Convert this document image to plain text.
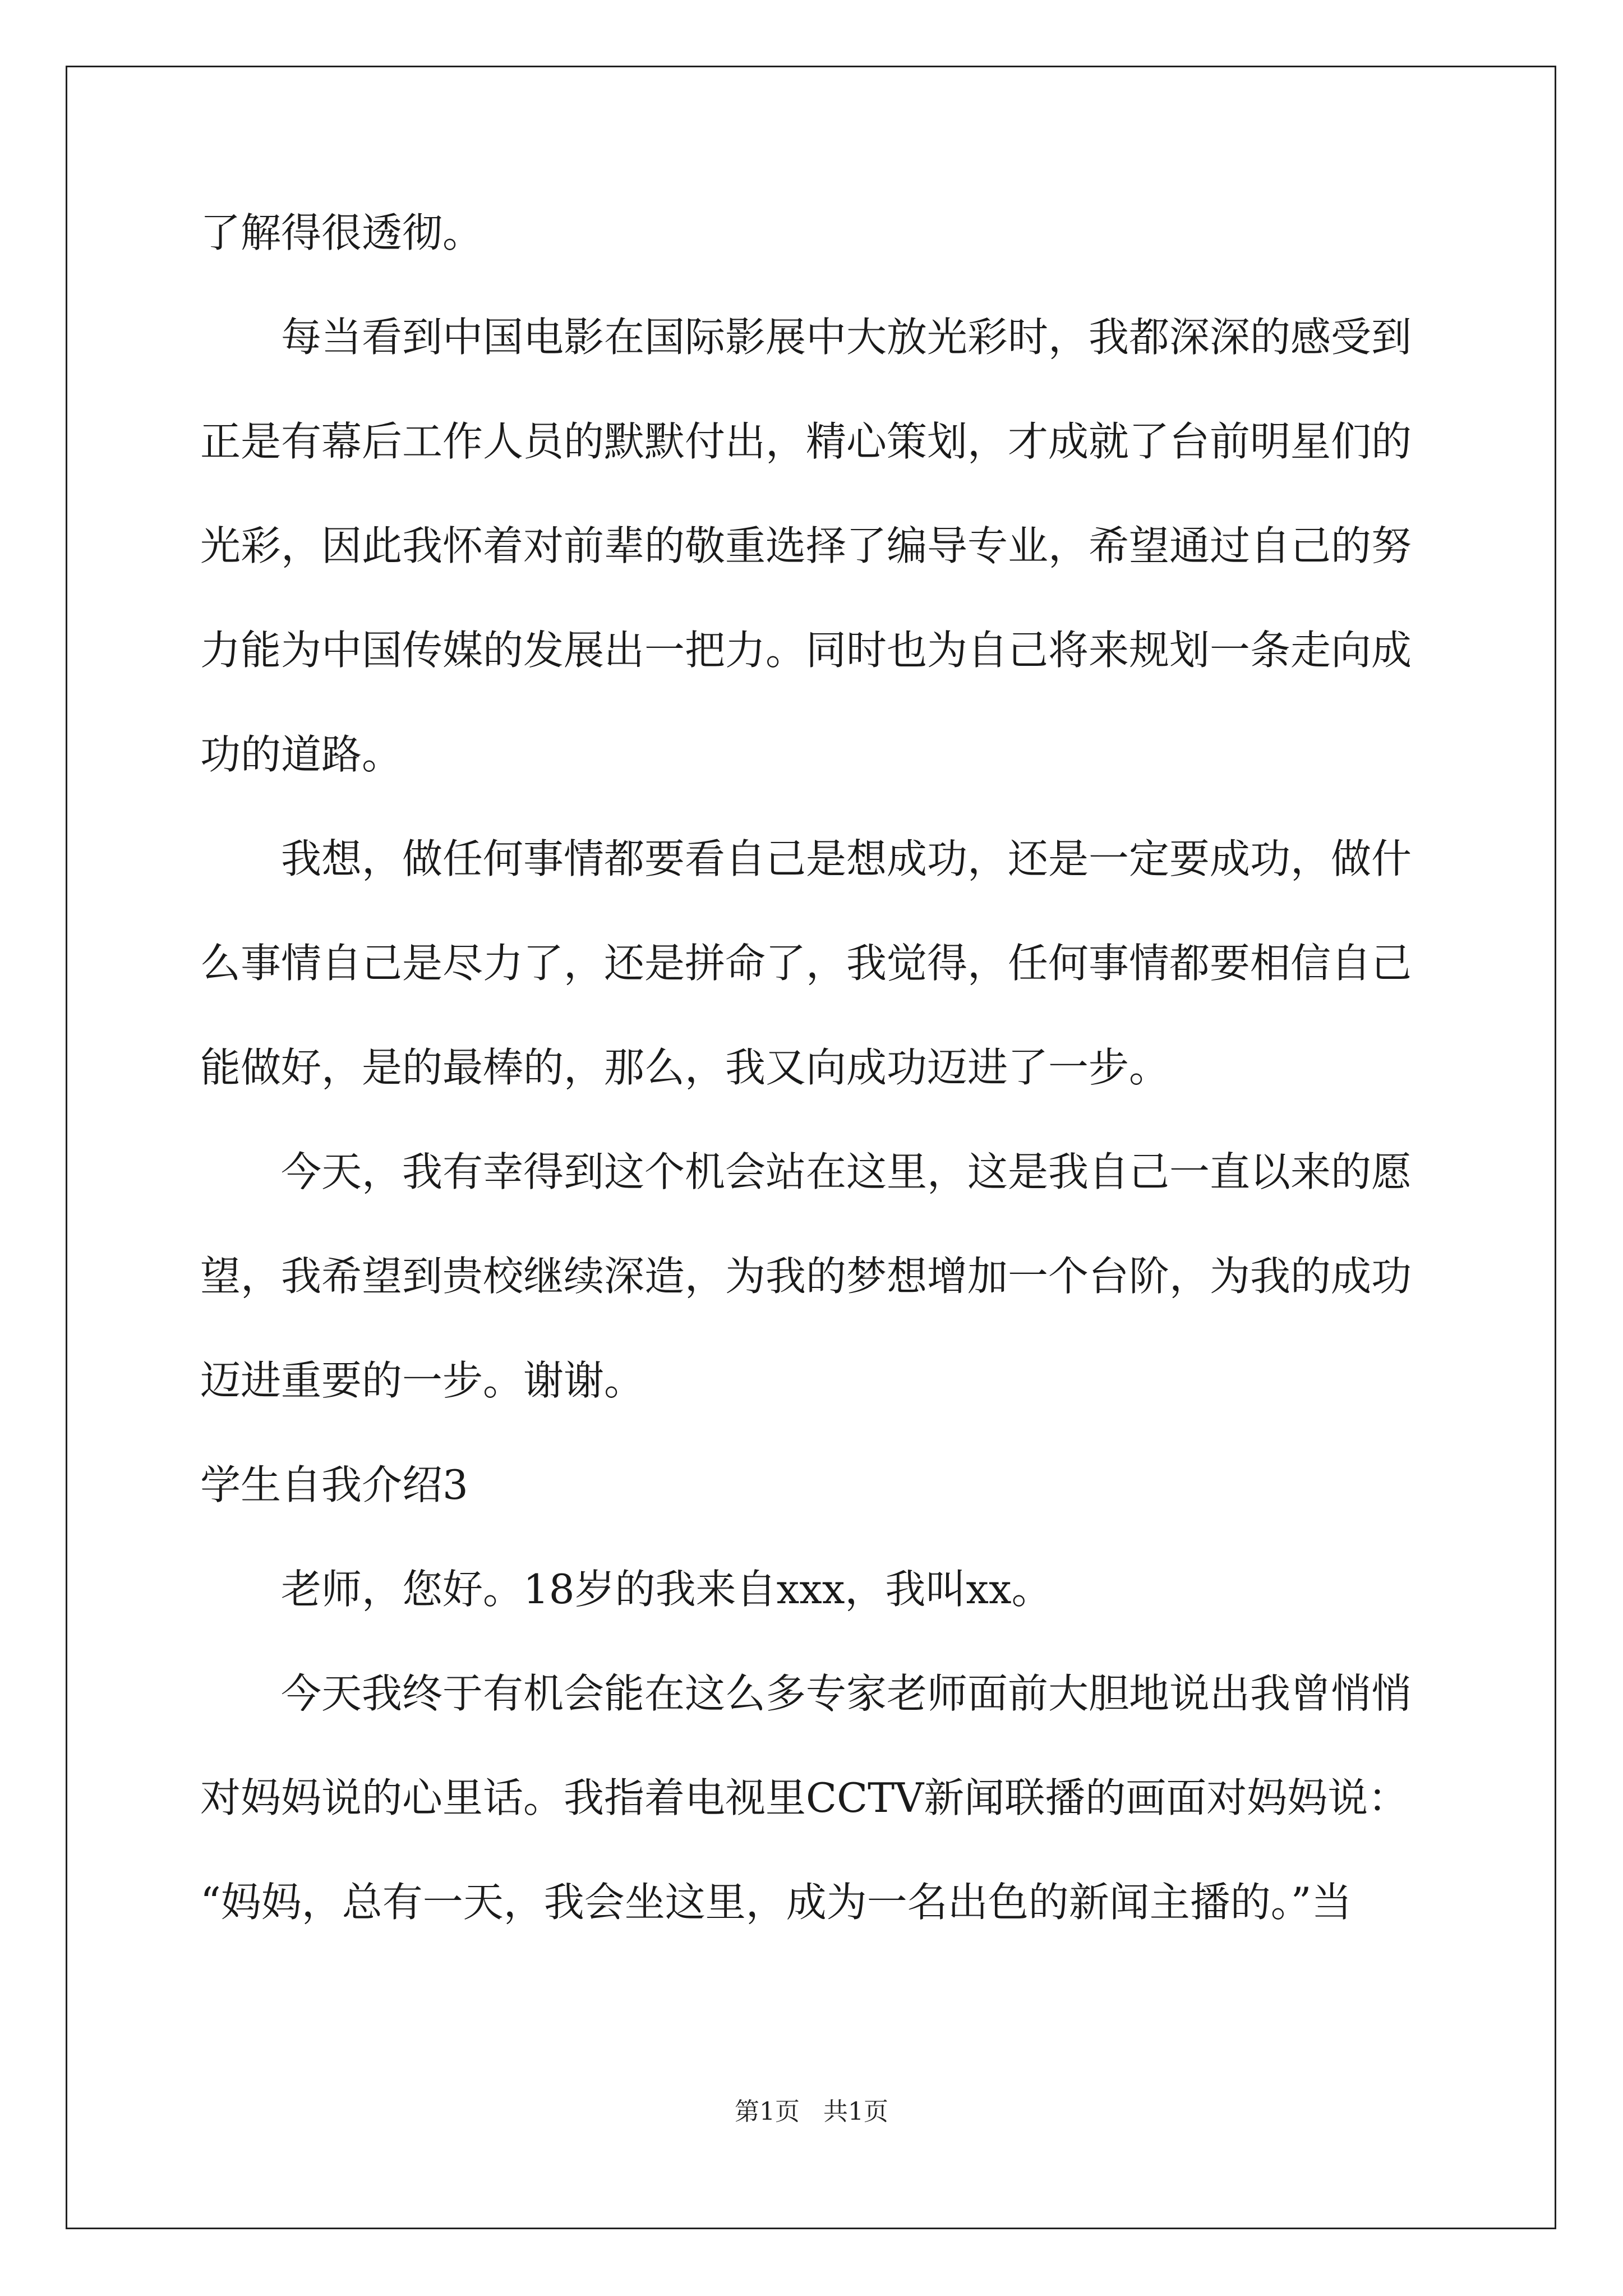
了解得很透彻。
每当看到中国电影在国际影展中大放光彩时，我都深深的感受到
正是有幕后工作人员的默默付出，精心策划，才成就了台前明星们的
光彩，因此我怀着对前辈的敬重选择了编导专业，希望通过自己的努
力能为中国传媒的发展出一把力。同时也为自己将来规划一条走向成
功的道路。
我想，做任何事情都要看自己是想成功，还是一定要成功，做什
么事情自己是尽力了，还是拼命了，我觉得，任何事情都要相信自己
能做好，是的最棒的，那么，我又向成功迈进了一步。
今天，我有幸得到这个机会站在这里，这是我自己一直以来的愿
望，我希望到贵校继续深造，为我的梦想增加一个台阶，为我的成功
迈进重要的一步。谢谢。
学生自我介绍3
老师，您好。18岁的我来自xxx，我叫xx。
今天我终于有机会能在这么多专家老师面前大胆地说出我曾悄悄
对妈妈说的心里话。我指着电视里CCTV新闻联播的画面对妈妈说：
“妈妈，总有一天，我会坐这里，成为一名出色的新闻主播的。”当
第1页   共1页
